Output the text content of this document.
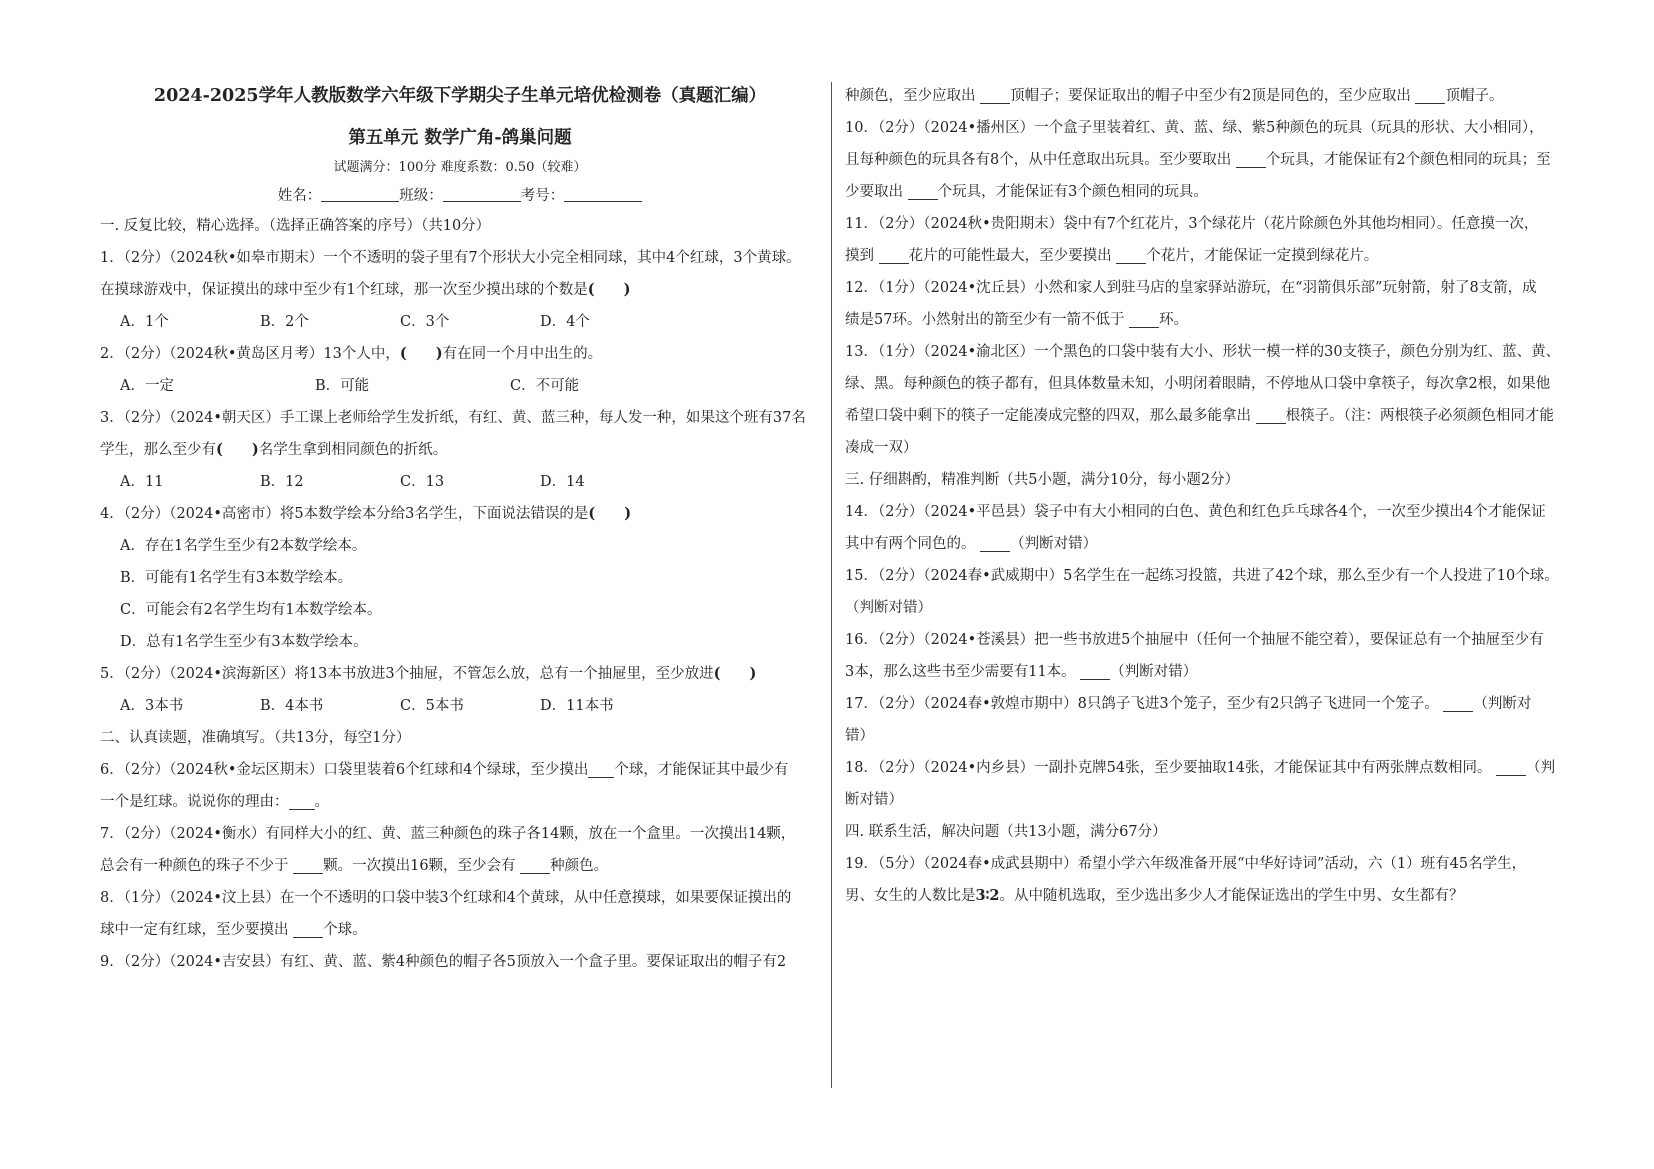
2024-2025学年人教版数学六年级下学期尖子生单元培优检测卷（真题汇编）
第五单元 数学广角-鸽巢问题
试题满分：100分 难度系数：0.50（较难）
姓名：	班级：	考号：
一. 反复比较，精心选择。（选择正确答案的序号）（共10分）
1．（2分）（2024秋•如皋市期末）一个不透明的袋子里有7个形状大小完全相同球，其中4个红球，3个黄球。
在摸球游戏中，保证摸出的球中至少有1个红球，那一次至少摸出球的个数是(　　)
A．1个	B．2个	C．3个	D．4个
2．（2分）（2024秋•黄岛区月考）13个人中，(　　)有在同一个月中出生的。
A．一定	B．可能	C．不可能
3．（2分）（2024•朝天区）手工课上老师给学生发折纸，有红、黄、蓝三种，每人发一种，如果这个班有37名
学生，那么至少有(　　)名学生拿到相同颜色的折纸。
A．11	B．12	C．13	D．14
4．（2分）（2024•高密市）将5本数学绘本分给3名学生，下面说法错误的是(　　)
A．存在1名学生至少有2本数学绘本。
B．可能有1名学生有3本数学绘本。
C．可能会有2名学生均有1本数学绘本。
D．总有1名学生至少有3本数学绘本。
5．（2分）（2024•滨海新区）将13本书放进3个抽屉，不管怎么放，总有一个抽屉里，至少放进(　　)
A．3本书	B．4本书	C．5本书	D．11本书
二、认真读题，准确填写。（共13分，每空1分）
6．（2分）（2024秋•金坛区期末）口袋里装着6个红球和4个绿球，至少摸出 个球，才能保证其中最少有
一个是红球。说说你的理由： 。
7．（2分）（2024•衡水）有同样大小的红、黄、蓝三种颜色的珠子各14颗，放在一个盒里。一次摸出14颗，
总会有一种颜色的珠子不少于 颗。一次摸出16颗，至少会有 种颜色。
8．（1分）（2024•汶上县）在一个不透明的口袋中装3个红球和4个黄球，从中任意摸球，如果要保证摸出的
球中一定有红球，至少要摸出 个球。
9．（2分）（2024•吉安县）有红、黄、蓝、紫4种颜色的帽子各5顶放入一个盒子里。要保证取出的帽子有2
种颜色，至少应取出 顶帽子；要保证取出的帽子中至少有2顶是同色的，至少应取出 顶帽子。
10．（2分）（2024•播州区）一个盒子里装着红、黄、蓝、绿、紫5种颜色的玩具（玩具的形状、大小相同），
且每种颜色的玩具各有8个，从中任意取出玩具。至少要取出 个玩具，才能保证有2个颜色相同的玩具；至
少要取出 个玩具，才能保证有3个颜色相同的玩具。
11．（2分）（2024秋•贵阳期末）袋中有7个红花片，3个绿花片（花片除颜色外其他均相同）。任意摸一次，
摸到 花片的可能性最大，至少要摸出 个花片，才能保证一定摸到绿花片。
12．（1分）（2024•沈丘县）小然和家人到驻马店的皇家驿站游玩，在“羽箭俱乐部”玩射箭，射了8支箭，成
绩是57环。小然射出的箭至少有一箭不低于 环。
13．（1分）（2024•渝北区）一个黑色的口袋中装有大小、形状一模一样的30支筷子，颜色分别为红、蓝、黄、
绿、黑。每种颜色的筷子都有，但具体数量未知，小明闭着眼睛，不停地从口袋中拿筷子，每次拿2根，如果他
希望口袋中剩下的筷子一定能凑成完整的四双，那么最多能拿出 根筷子。（注：两根筷子必须颜色相同才能
凑成一双）
三. 仔细斟酌，精准判断（共5小题，满分10分，每小题2分）
14．（2分）（2024•平邑县）袋子中有大小相同的白色、黄色和红色乒乓球各4个，一次至少摸出4个才能保证
其中有两个同色的。 （判断对错）
15．（2分）（2024春•武威期中）5名学生在一起练习投篮，共进了42个球，那么至少有一个人投进了10个球。
（判断对错）
16．（2分）（2024•苍溪县）把一些书放进5个抽屉中（任何一个抽屉不能空着），要保证总有一个抽屉至少有
3本，那么这些书至少需要有11本。 （判断对错）
17．（2分）（2024春•敦煌市期中）8只鸽子飞进3个笼子，至少有2只鸽子飞进同一个笼子。 （判断对
错）
18．（2分）（2024•内乡县）一副扑克牌54张，至少要抽取14张，才能保证其中有两张牌点数相同。 （判
断对错）
四. 联系生活，解决问题（共13小题，满分67分）
19．（5分）（2024春•成武县期中）希望小学六年级准备开展“中华好诗词”活动，六（1）班有45名学生，
男、女生的人数比是3∶2。从中随机选取，至少选出多少人才能保证选出的学生中男、女生都有？
